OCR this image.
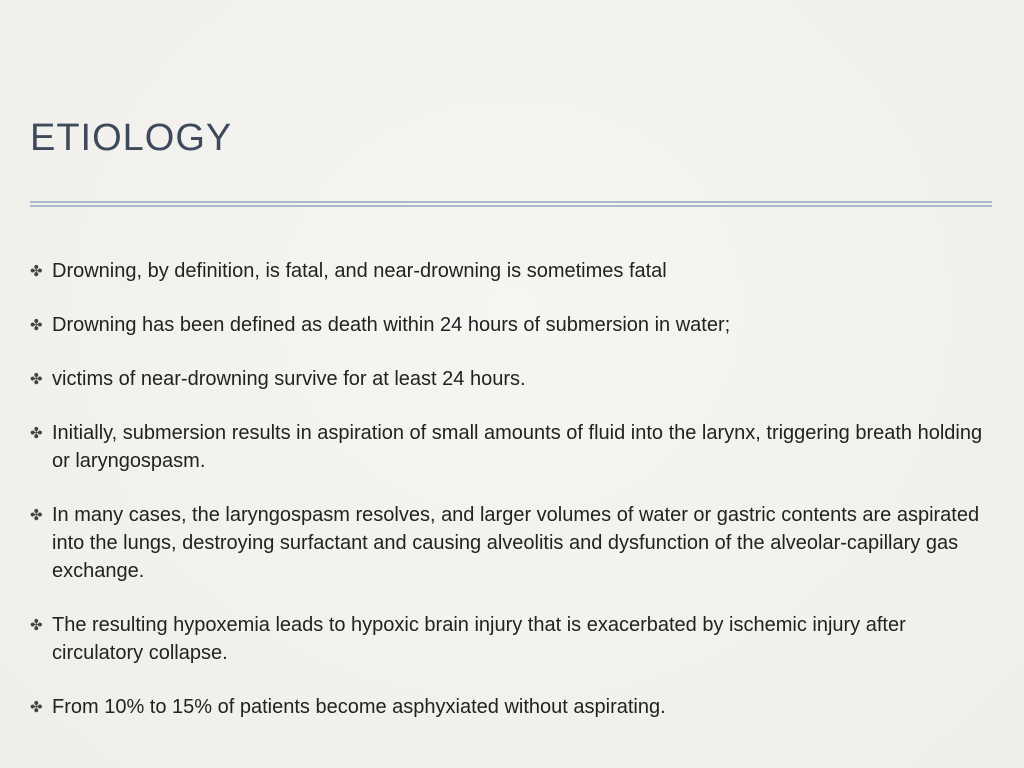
ETIOLOGY
✤ Drowning, by definition, is fatal, and near-drowning is sometimes fatal
✤ Drowning has been defined as death within 24 hours of submersion in water;
✤ victims of near-drowning survive for at least 24 hours.
✤ Initially, submersion results in aspiration of small amounts of fluid into the larynx, triggering breath holding or laryngospasm.
✤ In many cases, the laryngospasm resolves, and larger volumes of water or gastric contents are aspirated into the lungs, destroying surfactant and causing alveolitis and dysfunction of the alveolar-capillary gas exchange.
✤ The resulting hypoxemia leads to hypoxic brain injury that is exacerbated by ischemic injury after circulatory collapse.
✤ From 10% to 15% of patients become asphyxiated without aspirating.
